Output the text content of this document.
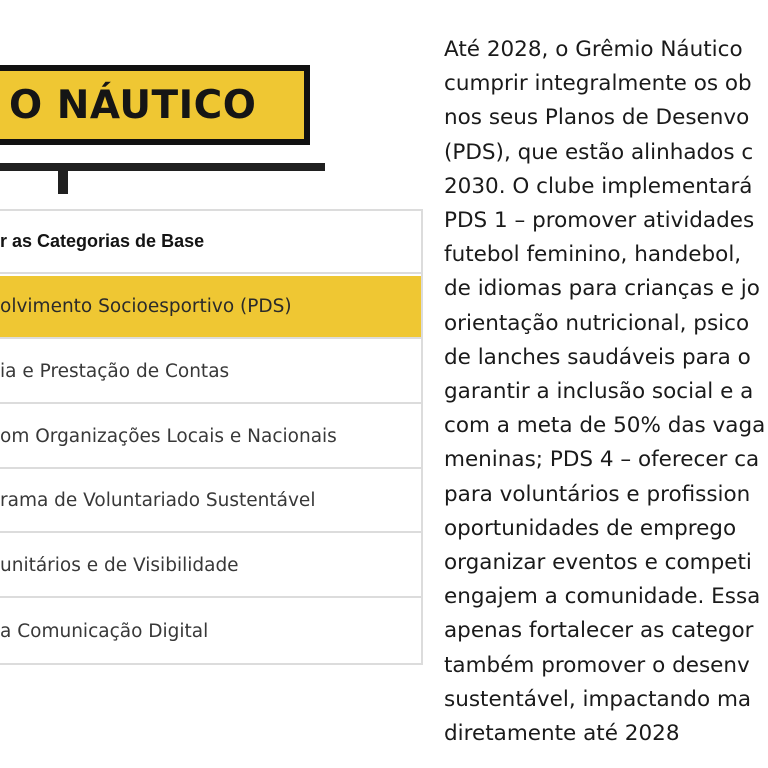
O NÁUTICO
r as Categorias de Base
olvimento Socioesportivo (PDS)
ia e Prestação de Contas
om Organizações Locais e Nacionais
rama de Voluntariado Sustentável
unitários e de Visibilidade
a Comunicação Digital

Até 2028, o Grêmio Náutico
cumprir integralmente os ob
nos seus Planos de Desenvo
(PDS), que estão alinhados c
2030. O clube implementará
PDS 1 – promover atividades
futebol feminino, handebol,
de idiomas para crianças e jo
orientação nutricional, psico
de lanches saudáveis para o
garantir a inclusão social e a
com a meta de 50% das vaga
meninas; PDS 4 – oferecer ca
para voluntários e profission
oportunidades de emprego
organizar eventos e competi
engajem a comunidade. Essa
apenas fortalecer as categor
também promover o desenv
sustentável, impactando ma
diretamente até 2028
